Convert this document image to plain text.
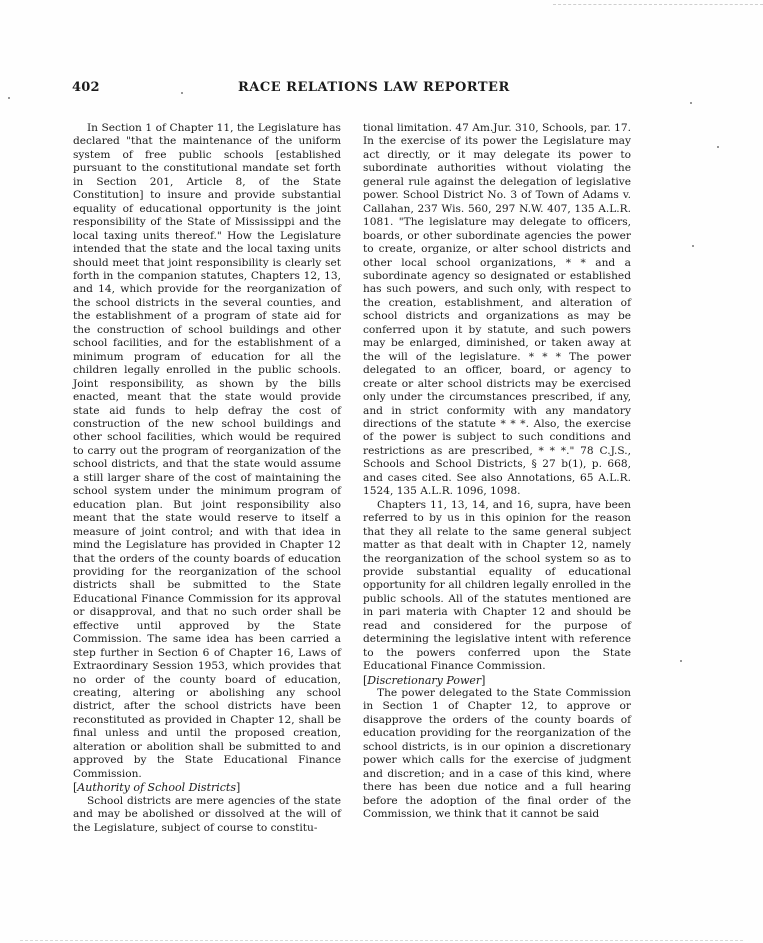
402	RACE RELATIONS LAW REPORTER

In Section 1 of Chapter 11, the Legislature has declared "that the maintenance of the uniform system of free public schools [established pursuant to the constitutional mandate set forth in Section 201, Article 8, of the State Constitution] to insure and provide substantial equality of educational opportunity is the joint responsibility of the State of Mississippi and the local taxing units thereof." How the Legislature intended that the state and the local taxing units should meet that joint responsibility is clearly set forth in the companion statutes, Chapters 12, 13, and 14, which provide for the reorganization of the school districts in the several counties, and the establishment of a program of state aid for the construction of school buildings and other school facilities, and for the establishment of a minimum program of education for all the children legally enrolled in the public schools. Joint responsibility, as shown by the bills enacted, meant that the state would provide state aid funds to help defray the cost of construction of the new school buildings and other school facilities, which would be required to carry out the program of reorganization of the school districts, and that the state would assume a still larger share of the cost of maintaining the school system under the minimum program of education plan. But joint responsibility also meant that the state would reserve to itself a measure of joint control; and with that idea in mind the Legislature has provided in Chapter 12 that the orders of the county boards of education providing for the reorganization of the school districts shall be submitted to the State Educational Finance Commission for its approval or disapproval, and that no such order shall be effective until approved by the State Commission. The same idea has been carried a step further in Section 6 of Chapter 16, Laws of Extraordinary Session 1953, which provides that no order of the county board of education, creating, altering or abolishing any school district, after the school districts have been reconstituted as provided in Chapter 12, shall be final unless and until the proposed creation, alteration or abolition shall be submitted to and approved by the State Educational Finance Commission.

[Authority of School Districts]

School districts are mere agencies of the state and may be abolished or dissolved at the will of the Legislature, subject of course to constitu-

tional limitation. 47 Am.Jur. 310, Schools, par. 17. In the exercise of its power the Legislature may act directly, or it may delegate its power to subordinate authorities without violating the general rule against the delegation of legislative power. School District No. 3 of Town of Adams v. Callahan, 237 Wis. 560, 297 N.W. 407, 135 A.L.R. 1081. "The legislature may delegate to officers, boards, or other subordinate agencies the power to create, organize, or alter school districts and other local school organizations, * * and a subordinate agency so designated or established has such powers, and such only, with respect to the creation, establishment, and alteration of school districts and organizations as may be conferred upon it by statute, and such powers may be enlarged, diminished, or taken away at the will of the legislature. * * * The power delegated to an officer, board, or agency to create or alter school districts may be exercised only under the circumstances prescribed, if any, and in strict conformity with any mandatory directions of the statute * * *. Also, the exercise of the power is subject to such conditions and restrictions as are prescribed, * * *." 78 C.J.S., Schools and School Districts, § 27 b(1), p. 668, and cases cited. See also Annotations, 65 A.L.R. 1524, 135 A.L.R. 1096, 1098.

Chapters 11, 13, 14, and 16, supra, have been referred to by us in this opinion for the reason that they all relate to the same general subject matter as that dealt with in Chapter 12, namely the reorganization of the school system so as to provide substantial equality of educational opportunity for all children legally enrolled in the public schools. All of the statutes mentioned are in pari materia with Chapter 12 and should be read and considered for the purpose of determining the legislative intent with reference to the powers conferred upon the State Educational Finance Commission.

[Discretionary Power]

The power delegated to the State Commission in Section 1 of Chapter 12, to approve or disapprove the orders of the county boards of education providing for the reorganization of the school districts, is in our opinion a discretionary power which calls for the exercise of judgment and discretion; and in a case of this kind, where there has been due notice and a full hearing before the adoption of the final order of the Commission, we think that it cannot be said
